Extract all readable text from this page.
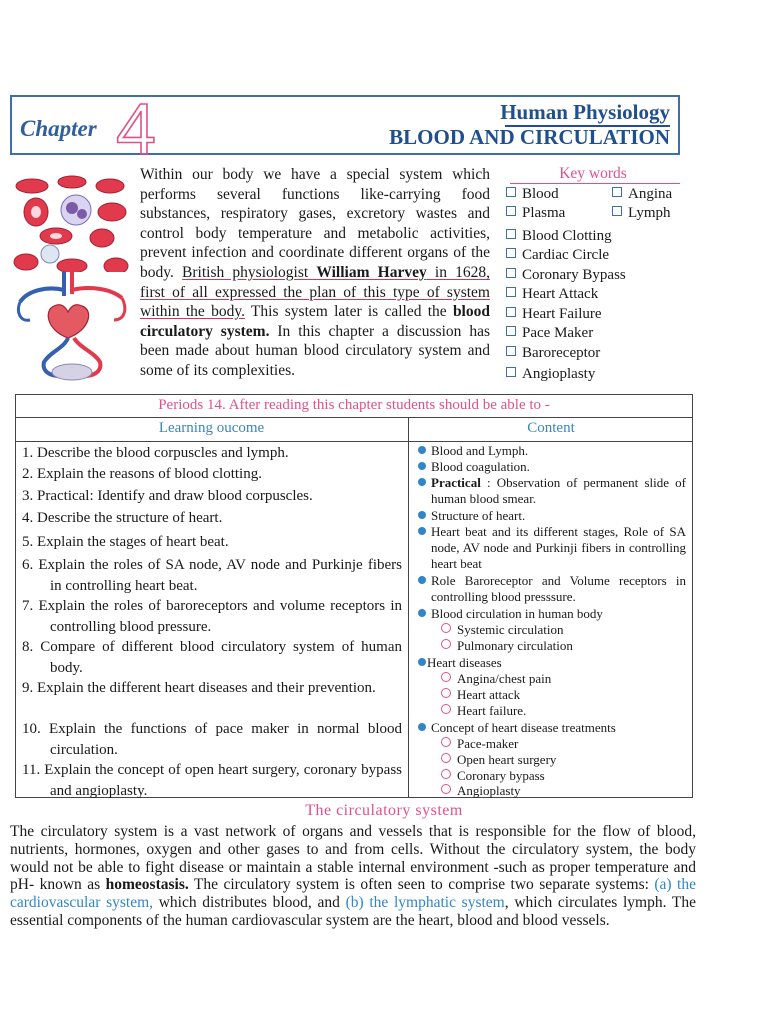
Chapter 4	Human Physiology
BLOOD AND CIRCULATION
Within our body we have a special system which performs several functions like-carrying food substances, respiratory gases, excretory wastes and control body temperature and metabolic activities, prevent infection and coordinate different organs of the body. British physiologist William Harvey in 1628, first of all expressed the plan of this type of system within the body. This system later is called the blood circulatory system. In this chapter a discussion has been made about human blood circulatory system and some of its complexities.
Key words
Blood	Angina
Plasma	Lymph
Blood Clotting
Cardiac Circle
Coronary Bypass
Heart Attack
Heart Failure
Pace Maker
Baroreceptor
Angioplasty
Periods 14. After reading this chapter students should be able to -
Learning oucome	Content
1. Describe the blood corpuscles and lymph.
2. Explain the reasons of blood clotting.
3. Practical: Identify and draw blood corpuscles.
4. Describe the structure of heart.
5. Explain the stages of heart beat.
6. Explain the roles of SA node, AV node and Purkinje fibers in controlling heart beat.
7. Explain the roles of baroreceptors and volume receptors in controlling blood pressure.
8. Compare of different blood circulatory system of human body.
9. Explain the different heart diseases and their prevention.
10. Explain the functions of pace maker in normal blood circulation.
11. Explain the concept of open heart surgery, coronary bypass and angioplasty.
Blood and Lymph.
Blood coagulation.
Practical : Observation of permanent slide of human blood smear.
Structure of heart.
Heart beat and its different stages, Role of SA node, AV node and Purkinji fibers in controlling heart beat
Role Baroreceptor and Volume receptors in controlling blood presssure.
Blood circulation in human body
Systemic circulation
Pulmonary circulation
Heart diseases
Angina/chest pain
Heart attack
Heart failure.
Concept of heart disease treatments
Pace-maker
Open heart surgery
Coronary bypass
Angioplasty
The circulatory system
The circulatory system is a vast network of organs and vessels that is responsible for the flow of blood, nutrients, hormones, oxygen and other gases to and from cells. Without the circulatory system, the body would not be able to fight disease or maintain a stable internal environment -such as proper temperature and pH- known as homeostasis. The circulatory system is often seen to comprise two separate systems: (a) the cardiovascular system, which distributes blood, and (b) the lymphatic system, which circulates lymph. The essential components of the human cardiovascular system are the heart, blood and blood vessels.
